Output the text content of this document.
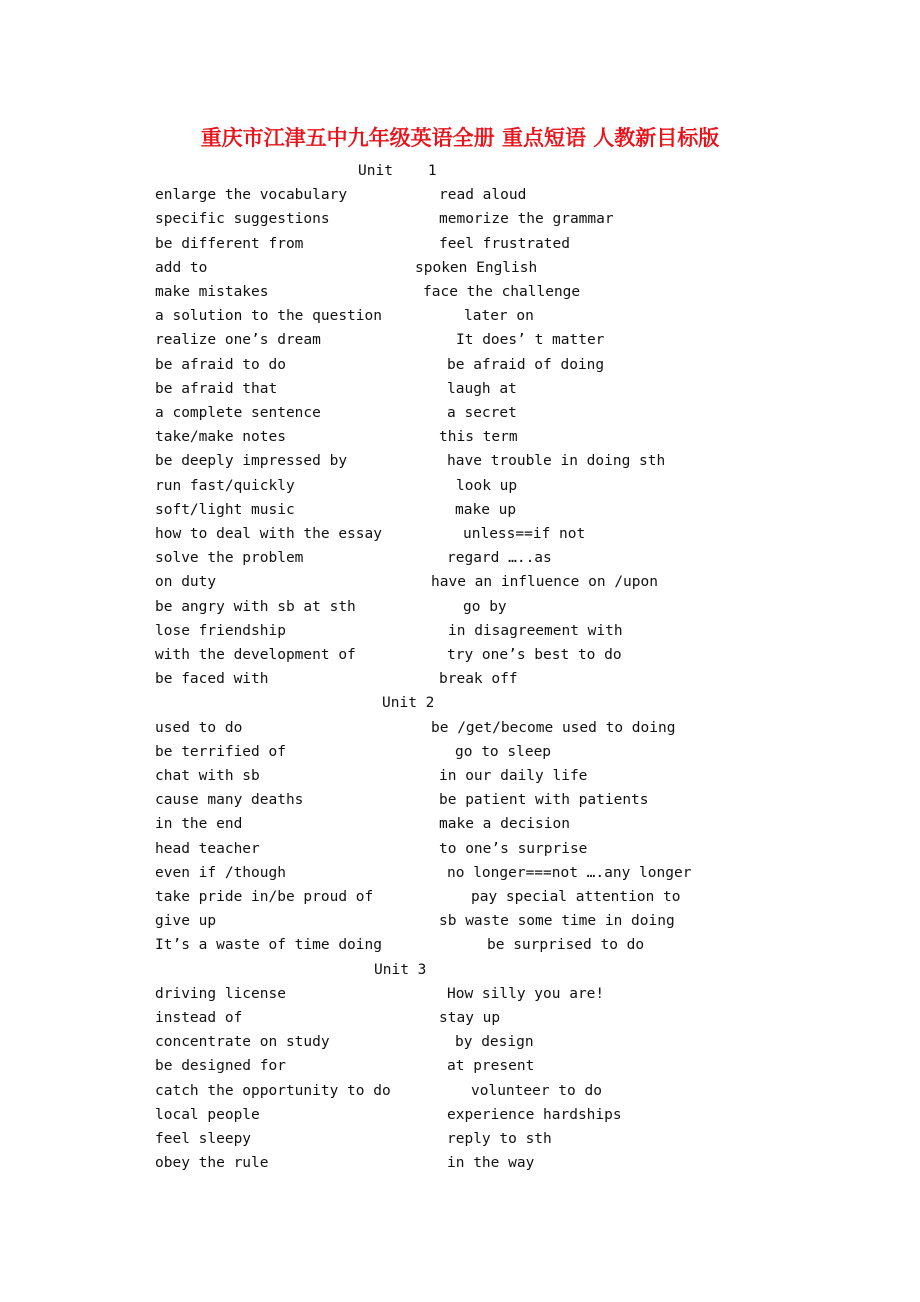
重庆市江津五中九年级英语全册 重点短语 人教新目标版
Unit    1
enlarge the vocabulary	read aloud
specific suggestions	memorize the grammar
be different from	feel frustrated
add to	spoken English
make mistakes	face the challenge
a solution to the question	later on
realize one’s dream	It does’ t matter
be afraid to do	be afraid of doing
be afraid that	laugh at
a complete sentence	a secret
take/make notes	this term
be deeply impressed by	have trouble in doing sth
run fast/quickly	look up
soft/light music	make up
how to deal with the essay	unless==if not
solve the problem	regard …..as
on duty	have an influence on /upon
be angry with sb at sth	go by
lose friendship	in disagreement with
with the development of	try one’s best to do
be faced with	break off
Unit 2
used to do	be /get/become used to doing
be terrified of	go to sleep
chat with sb	in our daily life
cause many deaths	be patient with patients
in the end	make a decision
head teacher	to one’s surprise
even if /though	no longer===not ….any longer
take pride in/be proud of	pay special attention to
give up	sb waste some time in doing
It’s a waste of time doing	be surprised to do
Unit 3
driving license	How silly you are!
instead of	stay up
concentrate on study	by design
be designed for	at present
catch the opportunity to do	volunteer to do
local people	experience hardships
feel sleepy	reply to sth
obey the rule	in the way
